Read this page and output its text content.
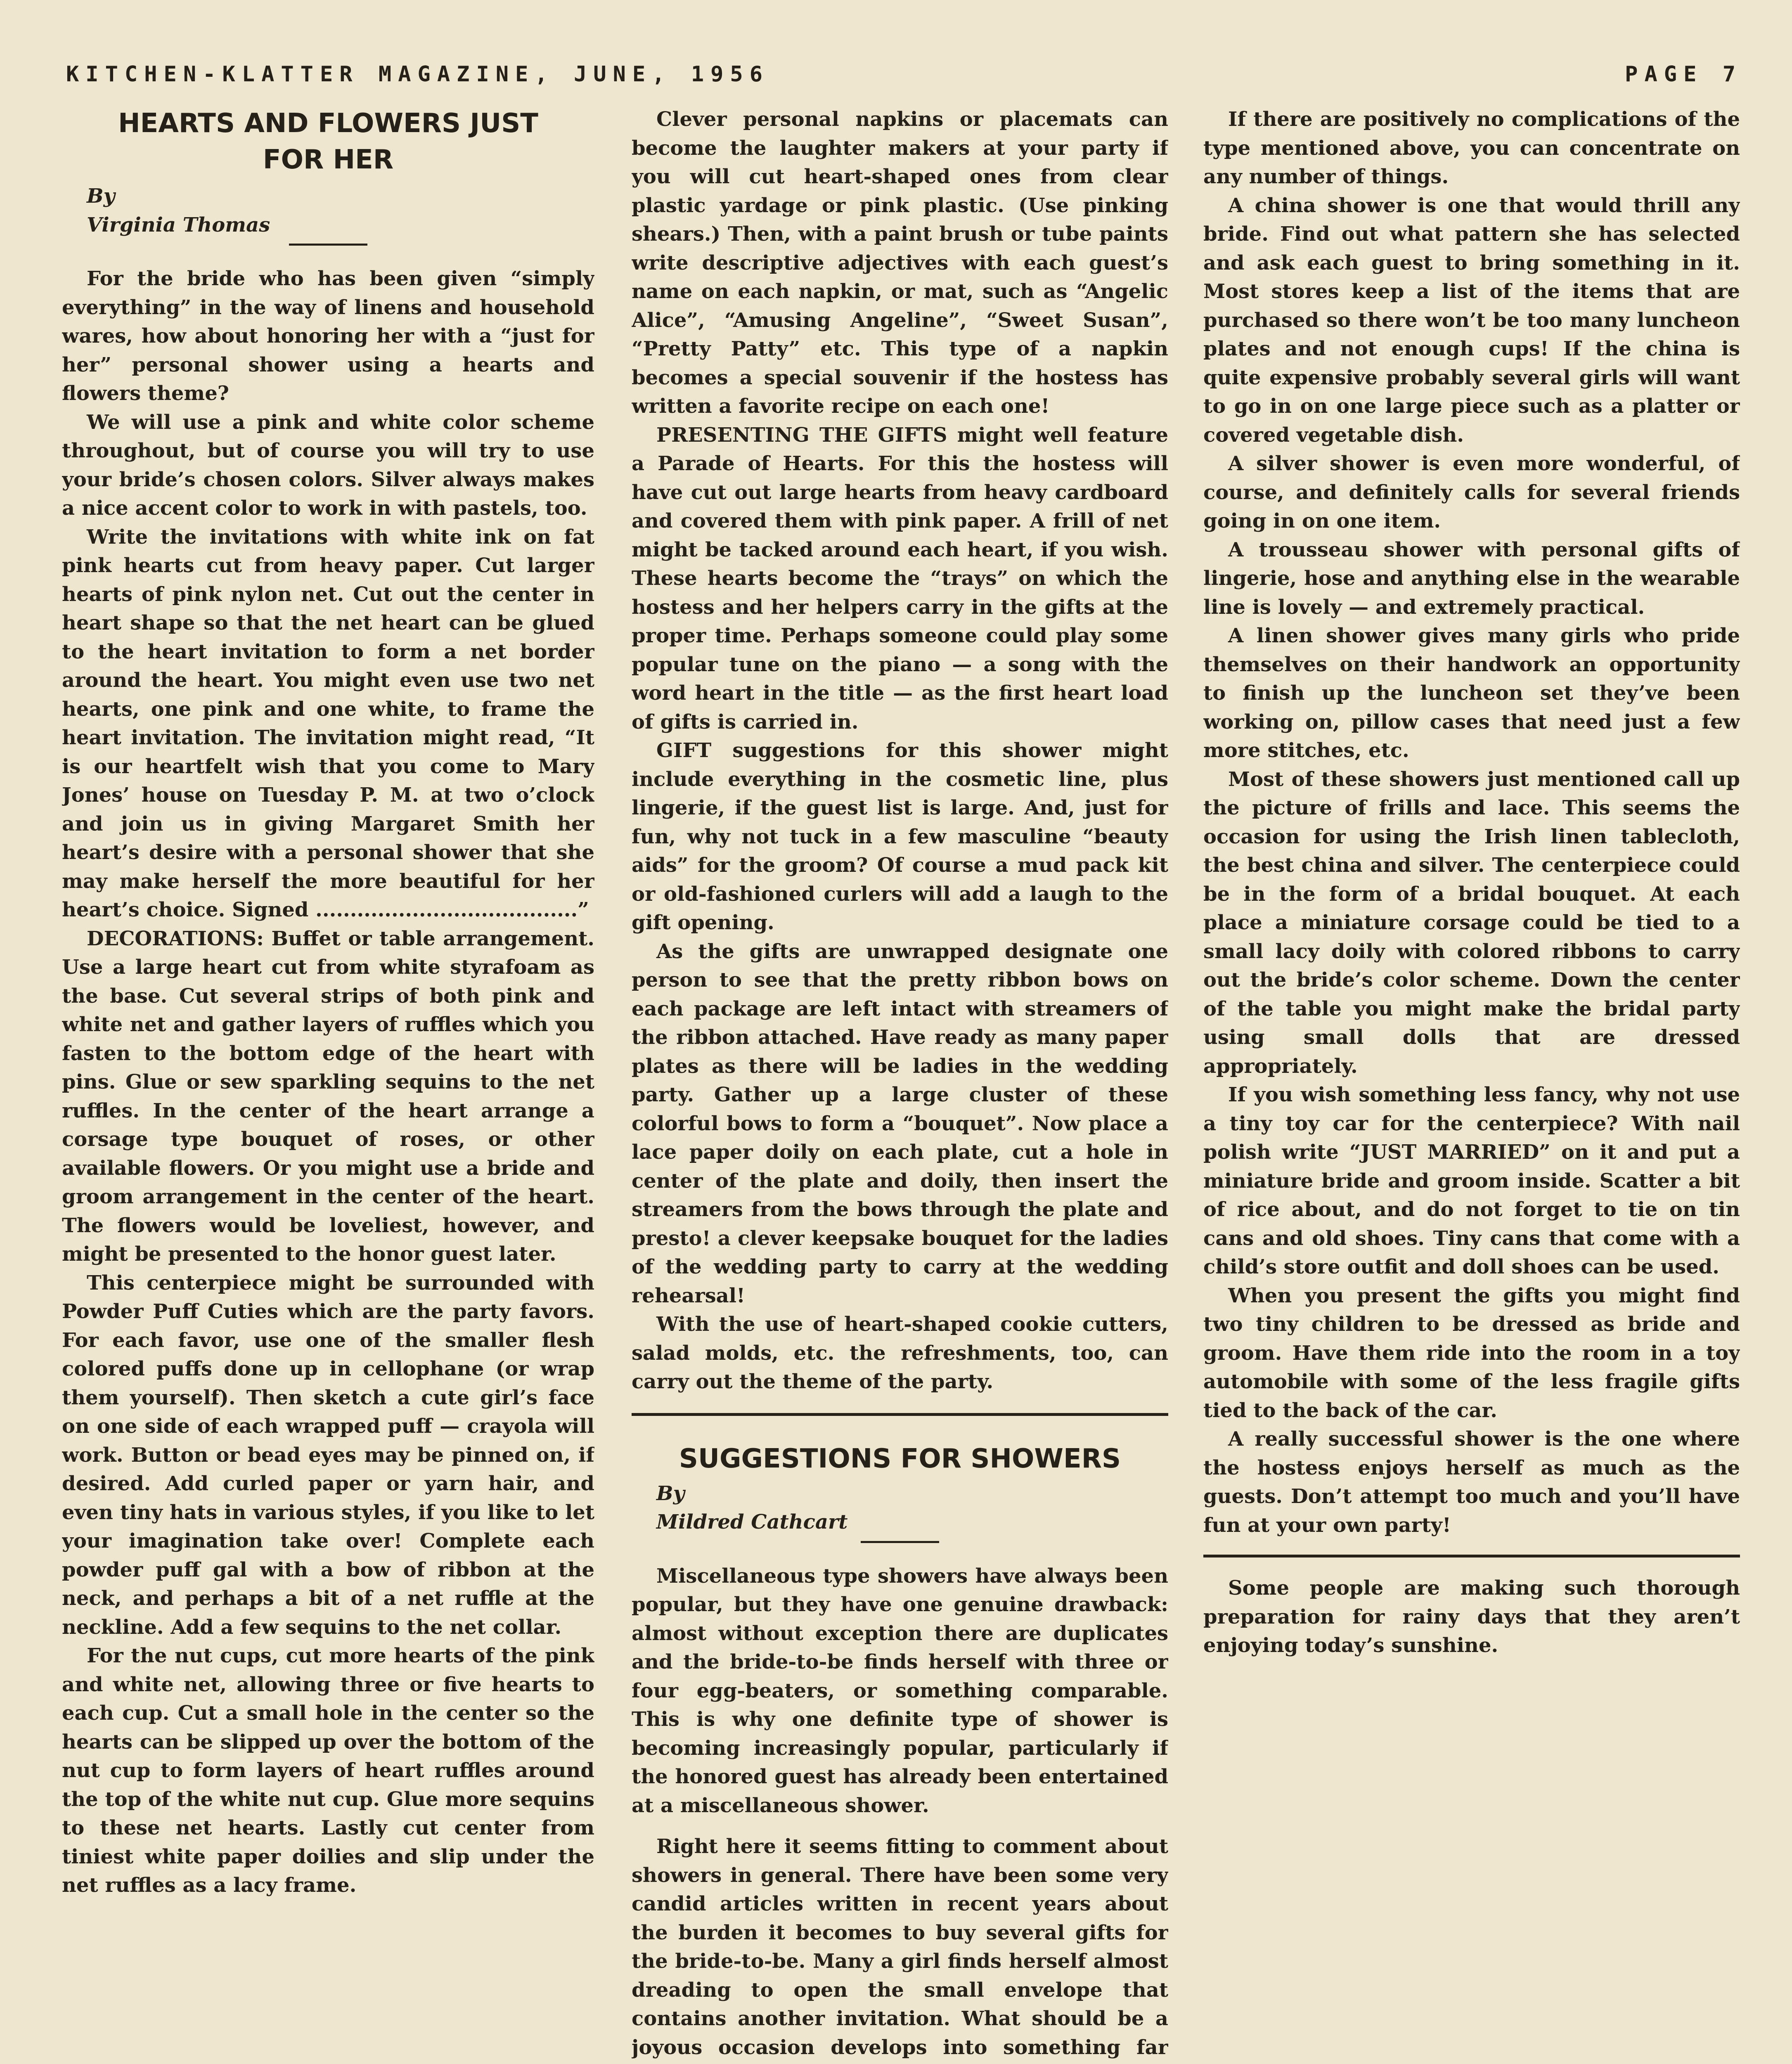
KITCHEN-KLATTER MAGAZINE, JUNE, 1956	PAGE 7
HEARTS AND FLOWERS JUST FOR HER

By

Virginia Thomas

For the bride who has been given “simply everything” in the way of linens and household wares, how about honoring her with a “just for her” personal shower using a hearts and flowers theme?

We will use a pink and white color scheme throughout, but of course you will try to use your bride’s chosen colors. Silver always makes a nice accent color to work in with pastels, too.

Write the invitations with white ink on fat pink hearts cut from heavy paper. Cut larger hearts of pink nylon net. Cut out the center in heart shape so that the net heart can be glued to the heart invitation to form a net border around the heart. You might even use two net hearts, one pink and one white, to frame the heart invitation. The invitation might read, “It is our heartfelt wish that you come to Mary Jones’ house on Tuesday P. M. at two o’clock and join us in giving Margaret Smith her heart’s desire with a personal shower that she may make herself the more beautiful for her heart’s choice. Signed ......................................”

DECORATIONS: Buffet or table arrangement. Use a large heart cut from white styrafoam as the base. Cut several strips of both pink and white net and gather layers of ruffles which you fasten to the bottom edge of the heart with pins. Glue or sew sparkling sequins to the net ruffles. In the center of the heart arrange a corsage type bouquet of roses, or other available flowers. Or you might use a bride and groom arrangement in the center of the heart. The flowers would be loveliest, however, and might be presented to the honor guest later.

This centerpiece might be surrounded with Powder Puff Cuties which are the party favors. For each favor, use one of the smaller flesh colored puffs done up in cellophane (or wrap them yourself). Then sketch a cute girl’s face on one side of each wrapped puff — crayola will work. Button or bead eyes may be pinned on, if desired. Add curled paper or yarn hair, and even tiny hats in various styles, if you like to let your imagination take over! Complete each powder puff gal with a bow of ribbon at the neck, and perhaps a bit of a net ruffle at the neckline. Add a few sequins to the net collar.

For the nut cups, cut more hearts of the pink and white net, allowing three or five hearts to each cup. Cut a small hole in the center so the hearts can be slipped up over the bottom of the nut cup to form layers of heart ruffles around the top of the white nut cup. Glue more sequins to these net hearts. Lastly cut center from tiniest white paper doilies and slip under the net ruffles as a lacy frame.

Clever personal napkins or placemats can become the laughter makers at your party if you will cut heart-shaped ones from clear plastic yardage or pink plastic. (Use pinking shears.) Then, with a paint brush or tube paints write descriptive adjectives with each guest’s name on each napkin, or mat, such as “Angelic Alice”, “Amusing Angeline”, “Sweet Susan”, “Pretty Patty” etc. This type of a napkin becomes a special souvenir if the hostess has written a favorite recipe on each one!

PRESENTING THE GIFTS might well feature a Parade of Hearts. For this the hostess will have cut out large hearts from heavy cardboard and covered them with pink paper. A frill of net might be tacked around each heart, if you wish. These hearts become the “trays” on which the hostess and her helpers carry in the gifts at the proper time. Perhaps someone could play some popular tune on the piano — a song with the word heart in the title — as the first heart load of gifts is carried in.

GIFT suggestions for this shower might include everything in the cosmetic line, plus lingerie, if the guest list is large. And, just for fun, why not tuck in a few masculine “beauty aids” for the groom? Of course a mud pack kit or old-fashioned curlers will add a laugh to the gift opening.

As the gifts are unwrapped designate one person to see that the pretty ribbon bows on each package are left intact with streamers of the ribbon attached. Have ready as many paper plates as there will be ladies in the wedding party. Gather up a large cluster of these colorful bows to form a “bouquet”. Now place a lace paper doily on each plate, cut a hole in center of the plate and doily, then insert the streamers from the bows through the plate and presto! a clever keepsake bouquet for the ladies of the wedding party to carry at the wedding rehearsal!

With the use of heart-shaped cookie cutters, salad molds, etc. the refreshments, too, can carry out the theme of the party.

SUGGESTIONS FOR SHOWERS

By

Mildred Cathcart

Miscellaneous type showers have always been popular, but they have one genuine drawback: almost without exception there are duplicates and the bride-to-be finds herself with three or four egg-beaters, or something comparable. This is why one definite type of shower is becoming increasingly popular, particularly if the honored guest has already been entertained at a miscellaneous shower.

Right here it seems fitting to comment about showers in general. There have been some very candid articles written in recent years about the burden it becomes to buy several gifts for the bride-to-be. Many a girl finds herself almost dreading to open the small envelope that contains another invitation. What should be a joyous occasion develops into something far

If there are positively no complications of the type mentioned above, you can concentrate on any number of things.

A china shower is one that would thrill any bride. Find out what pattern she has selected and ask each guest to bring something in it. Most stores keep a list of the items that are purchased so there won’t be too many luncheon plates and not enough cups! If the china is quite expensive probably several girls will want to go in on one large piece such as a platter or covered vegetable dish.

A silver shower is even more wonderful, of course, and definitely calls for several friends going in on one item.

A trousseau shower with personal gifts of lingerie, hose and anything else in the wearable line is lovely — and extremely practical.

A linen shower gives many girls who pride themselves on their handwork an opportunity to finish up the luncheon set they’ve been working on, pillow cases that need just a few more stitches, etc.

Most of these showers just mentioned call up the picture of frills and lace. This seems the occasion for using the Irish linen tablecloth, the best china and silver. The centerpiece could be in the form of a bridal bouquet. At each place a miniature corsage could be tied to a small lacy doily with colored ribbons to carry out the bride’s color scheme. Down the center of the table you might make the bridal party using small dolls that are dressed appropriately.

If you wish something less fancy, why not use a tiny toy car for the centerpiece? With nail polish write “JUST MARRIED” on it and put a miniature bride and groom inside. Scatter a bit of rice about, and do not forget to tie on tin cans and old shoes. Tiny cans that come with a child’s store outfit and doll shoes can be used.

When you present the gifts you might find two tiny children to be dressed as bride and groom. Have them ride into the room in a toy automobile with some of the less fragile gifts tied to the back of the car.

A really successful shower is the one where the hostess enjoys herself as much as the guests. Don’t attempt too much and you’ll have fun at your own party!

Some people are making such thorough preparation for rainy days that they aren’t enjoying today’s sunshine.
